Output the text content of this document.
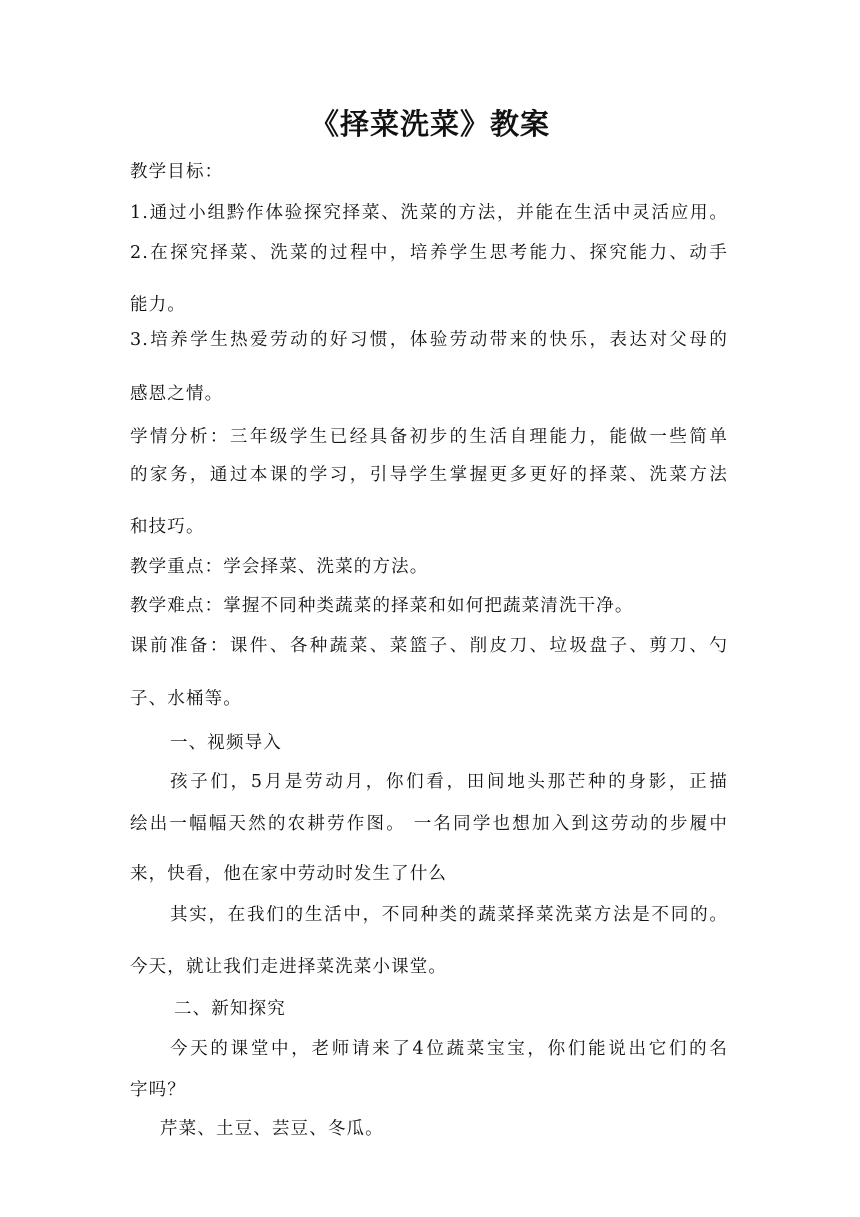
《择菜洗菜》教案
教学目标：
1.通过小组黔作体验探究择菜、洗菜的方法，并能在生活中灵活应用。
2.在探究择菜、洗菜的过程中，培养学生思考能力、探究能力、动手
能力。
3.培养学生热爱劳动的好习惯，体验劳动带来的快乐，表达对父母的
感恩之情。
学情分析：三年级学生已经具备初步的生活自理能力，能做一些简单
的家务，通过本课的学习，引导学生掌握更多更好的择菜、洗菜方法
和技巧。
教学重点：学会择菜、洗菜的方法。
教学难点：掌握不同种类蔬菜的择菜和如何把蔬菜清洗干净。
课前准备：课件、各种蔬菜、菜篮子、削皮刀、垃圾盘子、剪刀、勺
子、水桶等。
一、视频导入
孩子们，5月是劳动月，你们看，田间地头那芒种的身影，正描
绘出一幅幅天然的农耕劳作图。 一名同学也想加入到这劳动的步履中
来，快看，他在家中劳动时发生了什么
其实，在我们的生活中，不同种类的蔬菜择菜洗菜方法是不同的。
今天，就让我们走进择菜洗菜小课堂。
二、新知探究
今天的课堂中，老师请来了4位蔬菜宝宝，你们能说出它们的名
字吗？
芹菜、土豆、芸豆、冬瓜。
